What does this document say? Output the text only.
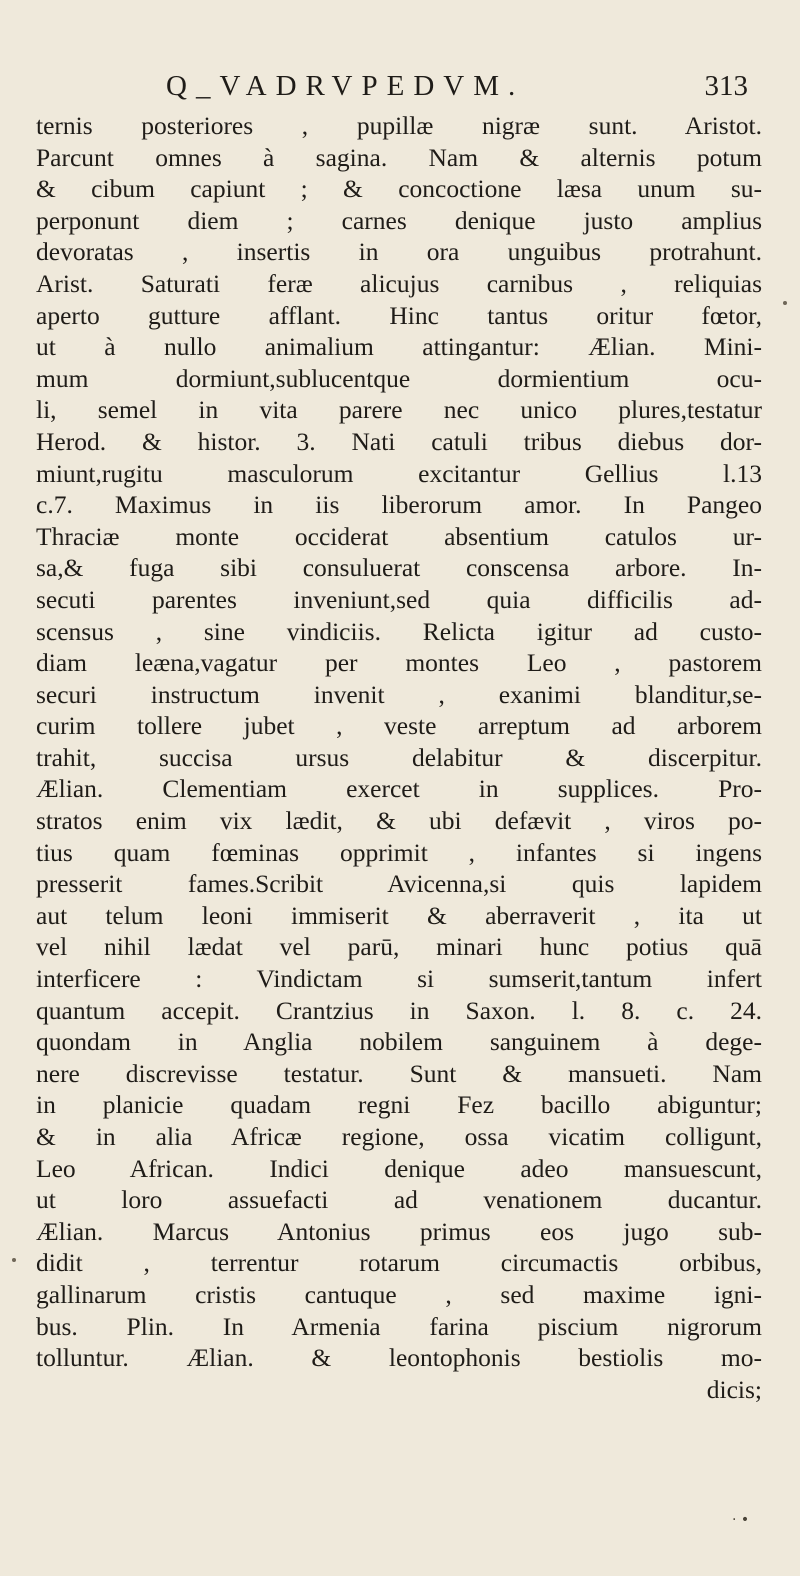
Q_VADRVPEDVM.	313
ternis posteriores , pupillæ nigræ sunt. Aristot.
Parcunt omnes à sagina. Nam & alternis potum
& cibum capiunt ; & concoctione læsa unum su-
perponunt diem ; carnes denique justo amplius
devoratas , insertis in ora unguibus protrahunt.
Arist. Saturati feræ alicujus carnibus , reliquias
aperto gutture afflant. Hinc tantus oritur fœtor,
ut à nullo animalium attingantur: Ælian. Mini-
mum dormiunt,sublucentque dormientium ocu-
li, semel in vita parere nec unico plures,testatur
Herod. & histor. 3. Nati catuli tribus diebus dor-
miunt,rugitu masculorum excitantur Gellius l.13
c.7. Maximus in iis liberorum amor. In Pangeo
Thraciæ monte occiderat absentium catulos ur-
sa,& fuga sibi consuluerat conscensa arbore. In-
secuti parentes inveniunt,sed quia difficilis ad-
scensus , sine vindiciis. Relicta igitur ad custo-
diam leæna,vagatur per montes Leo , pastorem
securi instructum invenit , exanimi blanditur,se-
curim tollere jubet , veste arreptum ad arborem
trahit, succisa ursus delabitur & discerpitur.
Ælian. Clementiam exercet in supplices. Pro-
stratos enim vix lædit, & ubi defævit , viros po-
tius quam fœminas opprimit , infantes si ingens
presserit fames.Scribit Avicenna,si quis lapidem
aut telum leoni immiserit & aberraverit , ita ut
vel nihil lædat vel parū, minari hunc potius quā
interficere : Vindictam si sumserit,tantum infert
quantum accepit. Crantzius in Saxon. l. 8. c. 24.
quondam in Anglia nobilem sanguinem à dege-
nere discrevisse testatur. Sunt & mansueti. Nam
in planicie quadam regni Fez bacillo abiguntur;
& in alia Africæ regione, ossa vicatim colligunt,
Leo African. Indici denique adeo mansuescunt,
ut loro assuefacti ad venationem ducantur.
Ælian. Marcus Antonius primus eos jugo sub-
didit , terrentur rotarum circumactis orbibus,
gallinarum cristis cantuque , sed maxime igni-
bus. Plin. In Armenia farina piscium nigrorum
tolluntur. Ælian. & leontophonis bestiolis mo-
dicis;
· •
